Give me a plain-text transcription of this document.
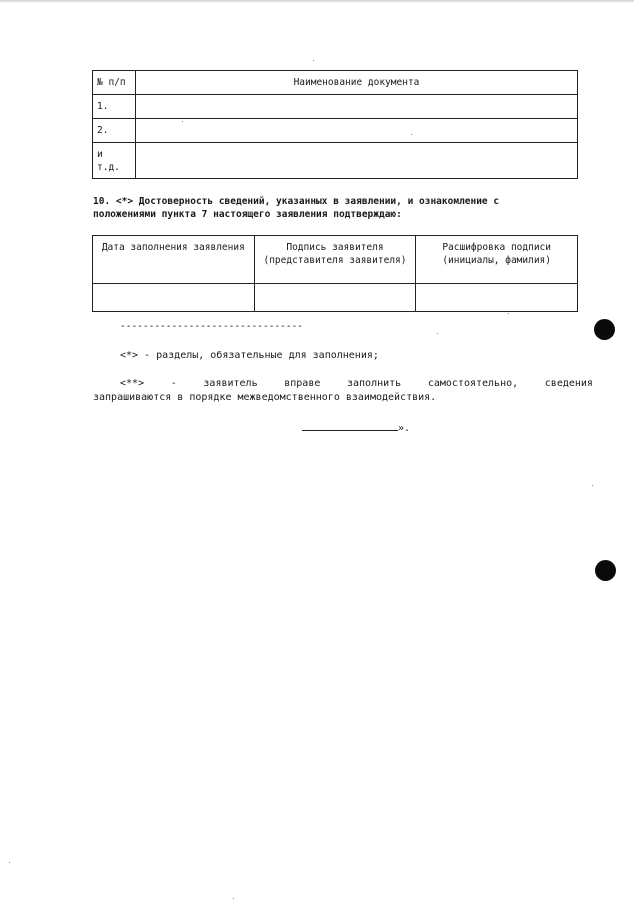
№ п/п	Наименование документа
1.	
2.	
и т.д.	
10. <*> Достоверность сведений, указанных в заявлении, и ознакомление с положениями пункта 7 настоящего заявления подтверждаю:
Дата заполнения заявления	Подпись заявителя (представителя заявителя)	Расшифровка подписи (инициалы, фамилия)

--------------------------------
<*> - разделы, обязательные для заполнения;
<**>	-	заявитель	вправе	заполнить	самостоятельно,	сведения
запрашиваются в порядке межведомственного взаимодействия.
».
